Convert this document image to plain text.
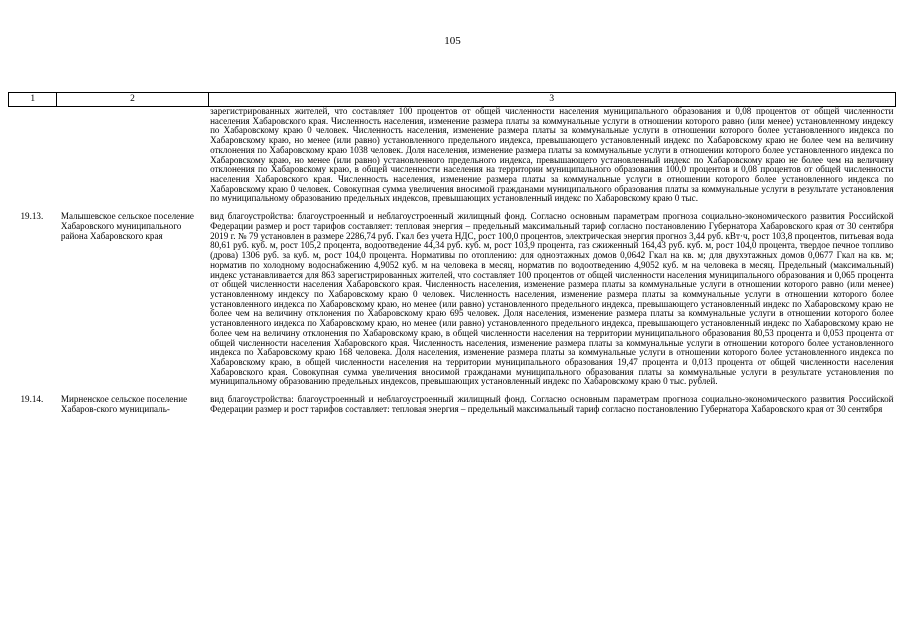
105
1	2	3
		зарегистрированных жителей, что составляет 100 процентов от общей численности населения муниципального образования и 0,08 процентов от общей численности населения Хабаровского края. Численность населения, изменение размера платы за коммунальные услуги в отношении которого равно (или менее) установленному индексу по Хабаровскому краю 0 человек. Численность населения, изменение размера платы за коммунальные услуги в отношении которого более установленного индекса по Хабаровскому краю, но менее (или равно) установленного предельного индекса, превышающего установленный индекс по Хабаровскому краю не более чем на величину отклонения по Хабаровскому краю 1038 человек. Доля населения, изменение размера платы за коммунальные услуги в отношении которого более установленного индекса по Хабаровскому краю, но менее (или равно) установленного предельного индекса, превышающего установленный индекс по Хабаровскому краю не более чем на величину отклонения по Хабаровскому краю, в общей численности населения на территории муниципального образования 100,0 процентов и 0,08 процентов от общей численности населения Хабаровского края. Численность населения, изменение размера платы за коммунальные услуги в отношении которого более установленного индекса по Хабаровскому краю 0 человек. Совокупная сумма увеличения вносимой гражданами муниципального образования платы за коммунальные услуги в результате установления по муниципальному образованию предельных индексов, превышающих установленный индекс по Хабаровскому краю 0 тыс.

19.13.	Малышевское сельское поселение Хабаровского муниципального района Хабаровского края	вид благоустройства: благоустроенный и неблагоустроенный жилищный фонд. Согласно основным параметрам прогноза социально-экономического развития Российской Федерации размер и рост тарифов составляет: тепловая энергия – предельный максимальный тариф согласно постановлению Губернатора Хабаровского края от 30 сентября 2019 г. № 79 установлен в размере 2286,74 руб. Гкал без учета НДС, рост 100,0 процентов, электрическая энергия прогноз 3,44 руб. кВт·ч, рост 103,8 процентов, питьевая вода 80,61 руб. куб. м, рост 105,2 процента, водоотведение 44,34 руб. куб. м, рост 103,9 процента, газ сжиженный 164,43 руб. куб. м, рост 104,0 процента, твердое печное топливо (дрова) 1306 руб. за куб. м, рост 104,0 процента. Нормативы по отоплению: для одноэтажных домов 0,0642 Гкал на кв. м; для двухэтажных домов 0,0677 Гкал на кв. м; норматив по холодному водоснабжению 4,9052 куб. м на человека в месяц, норматив по водоотведению 4,9052 куб. м на человека в месяц. Предельный (максимальный) индекс устанавливается для 863 зарегистрированных жителей, что составляет 100 процентов от общей численности населения муниципального образования и 0,065 процента от общей численности населения Хабаровского края. Численность населения, изменение размера платы за коммунальные услуги в отношении которого равно (или менее) установленному индексу по Хабаровскому краю 0 человек. Численность населения, изменение размера платы за коммунальные услуги в отношении которого более установленного индекса по Хабаровскому краю, но менее (или равно) установленного предельного индекса, превышающего установленный индекс по Хабаровскому краю не более чем на величину отклонения по Хабаровскому краю 695 человек. Доля населения, изменение размера платы за коммунальные услуги в отношении которого более установленного индекса по Хабаровскому краю, но менее (или равно) установленного предельного индекса, превышающего установленный индекс по Хабаровскому краю не более чем на величину отклонения по Хабаровскому краю, в общей численности населения на территории муниципального образования 80,53 процента и 0,053 процента от общей численности населения Хабаровского края. Численность населения, изменение размера платы за коммунальные услуги в отношении которого более установленного индекса по Хабаровскому краю 168 человека. Доля населения, изменение размера платы за коммунальные услуги в отношении которого более установленного индекса по Хабаровскому краю, в общей численности населения на территории муниципального образования 19,47 процента и 0,013 процента от общей численности населения Хабаровского края. Совокупная сумма увеличения вносимой гражданами муниципального образования платы за коммунальные услуги в результате установления по муниципальному образованию предельных индексов, превышающих установленный индекс по Хабаровскому краю 0 тыс. рублей.

19.14.	Мирненское сельское поселение Хабаров-ского муниципаль-	вид благоустройства: благоустроенный и неблагоустроенный жилищный фонд. Согласно основным параметрам прогноза социально-экономического развития Российской Федерации размер и рост тарифов составляет: тепловая энергия – предельный максимальный тариф согласно постановлению Губернатора Хабаровского края от 30 сентября
